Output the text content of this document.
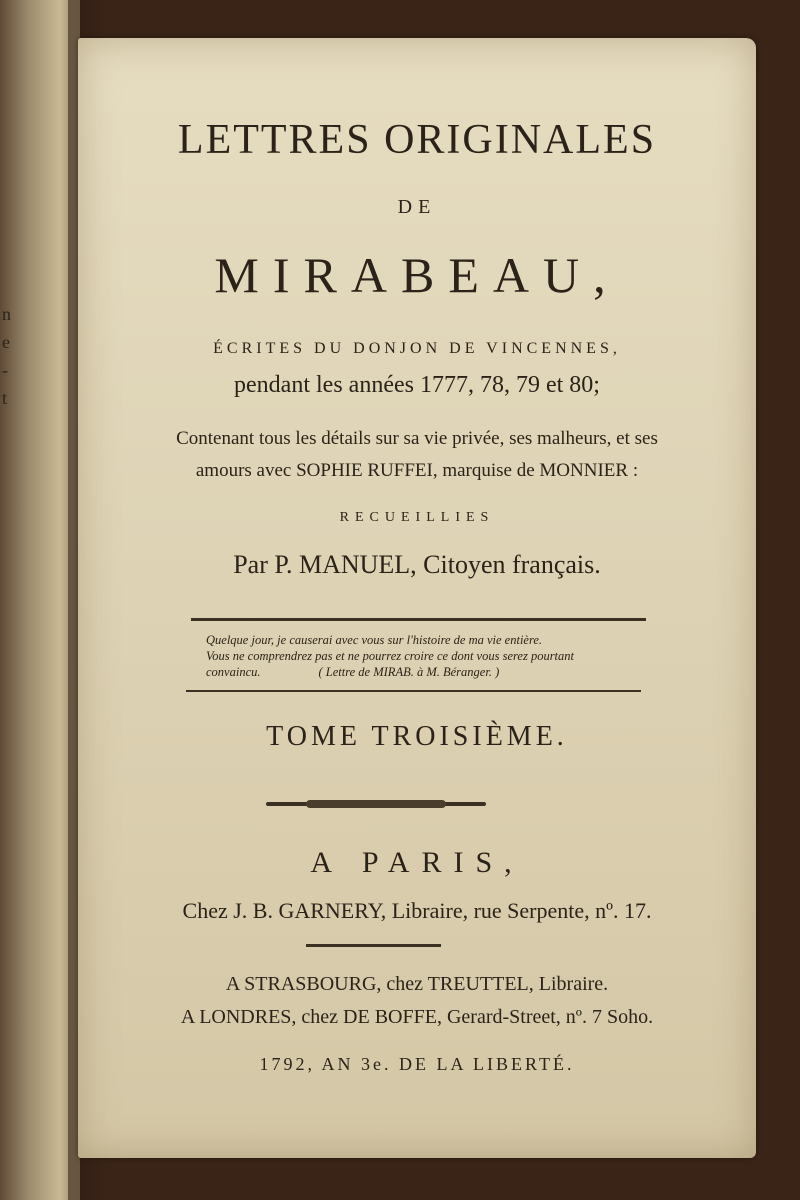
n
e
-
t
LETTRES ORIGINALES
DE
MIRABEAU,
ÉCRITES DU DONJON DE VINCENNES,
pendant les années 1777, 78, 79 et 80;
Contenant tous les détails sur sa vie privée, ses malheurs, et ses
amours avec SOPHIE RUFFEI, marquise de MONNIER :
RECUEILLIES
Par P. MANUEL, Citoyen français.
Quelque jour, je causerai avec vous sur l'histoire de ma vie entière.
Vous ne comprendrez pas et ne pourrez croire ce dont vous serez pourtant
convaincu.	( Lettre de MIRAB. à M. Béranger. )
TOME TROISIÈME.
A PARIS,
Chez J. B. GARNERY, Libraire, rue Serpente, nº. 17.
A STRASBOURG, chez TREUTTEL, Libraire.
A LONDRES, chez DE BOFFE, Gerard-Street, nº. 7 Soho.
1792, AN 3e. DE LA LIBERTÉ.
